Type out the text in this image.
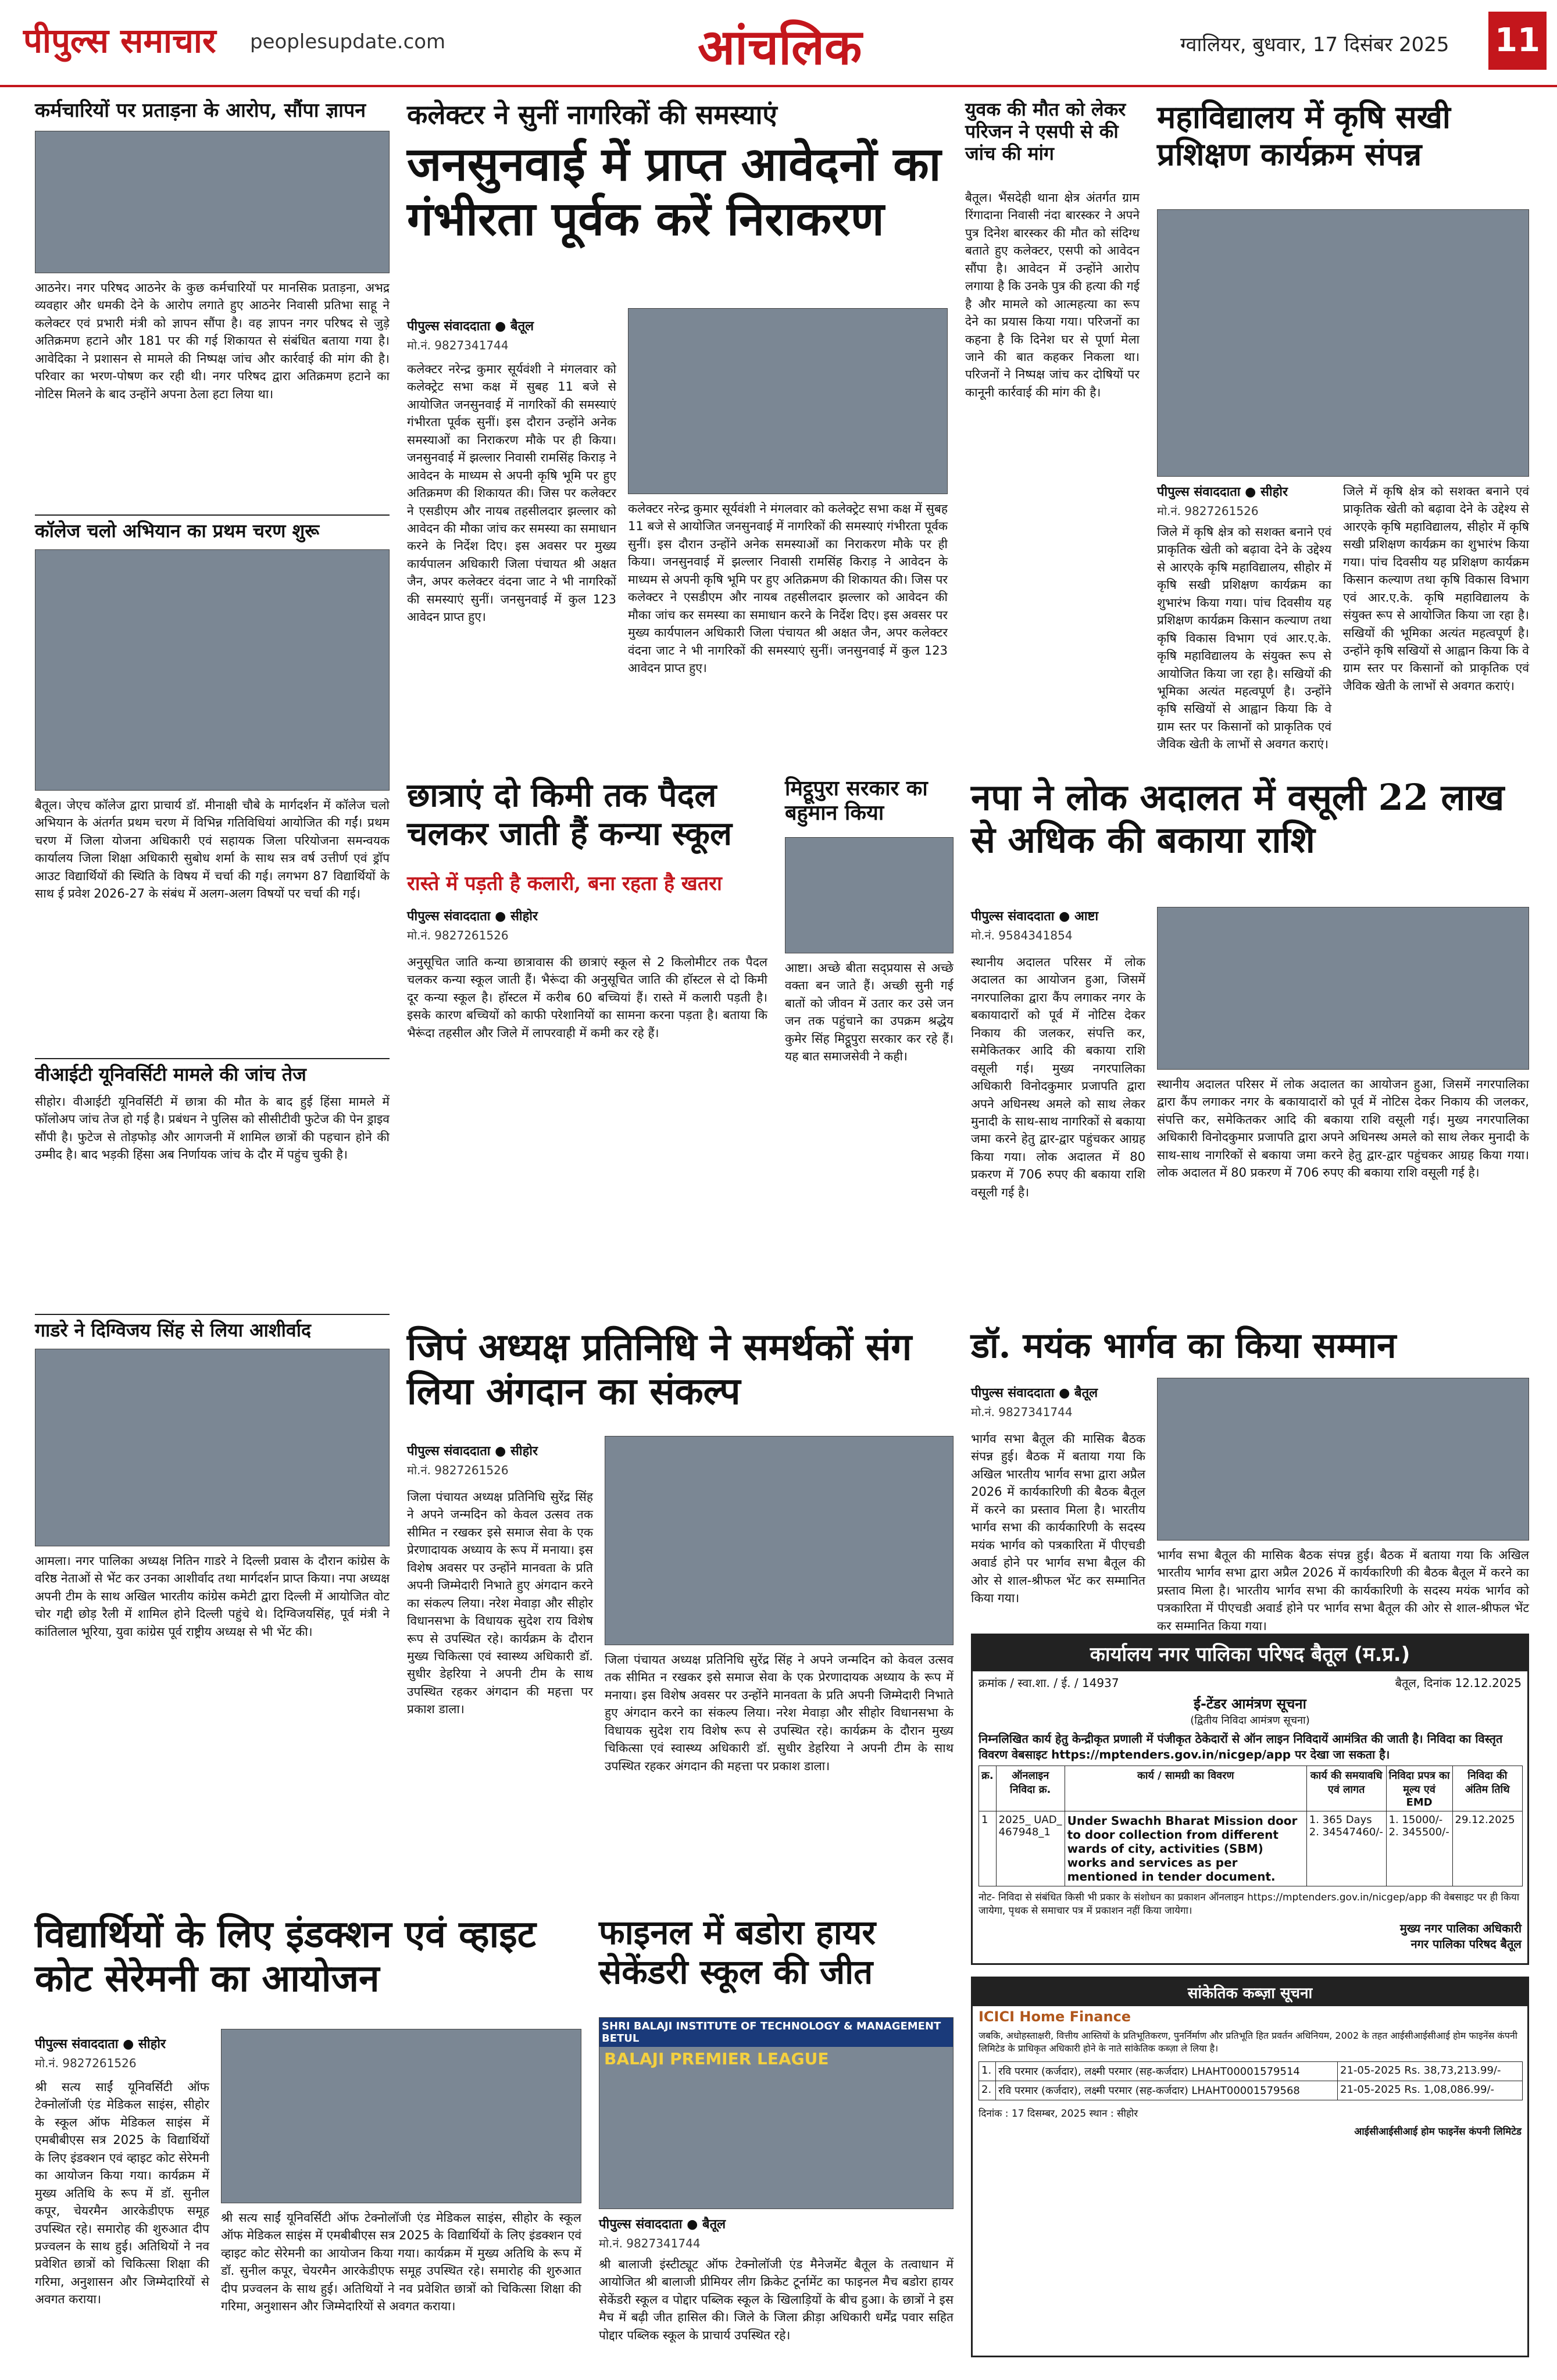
पीपुल्स समाचार peoplesupdate.com	आंचलिक	ग्वालियर, बुधवार, 17 दिसंबर 2025 11
कर्मचारियों पर प्रताड़ना के आरोप, सौंपा ज्ञापन
आठनेर। नगर परिषद आठनेर के कुछ कर्मचारियों पर मानसिक प्रताड़ना, अभद्र व्यवहार और धमकी देने के आरोप लगाते हुए आठनेर निवासी प्रतिभा साहू ने कलेक्टर एवं प्रभारी मंत्री को ज्ञापन सौंपा है। वह ज्ञापन नगर परिषद से जुड़े अतिक्रमण हटाने और 181 पर की गई शिकायत से संबंधित बताया गया है। आवेदिका ने प्रशासन से मामले की निष्पक्ष जांच और कार्रवाई की मांग की है। परिवार का भरण-पोषण कर रही थी। नगर परिषद द्वारा अतिक्रमण हटाने का नोटिस मिलने के बाद उन्होंने अपना ठेला हटा लिया था।
कॉलेज चलो अभियान का प्रथम चरण शुरू
बैतूल। जेएच कॉलेज द्वारा प्राचार्य डॉ. मीनाक्षी चौबे के मार्गदर्शन में कॉलेज चलो अभियान के अंतर्गत प्रथम चरण में विभिन्न गतिविधियां आयोजित की गईं। प्रथम चरण में जिला योजना अधिकारी एवं सहायक जिला परियोजना समन्वयक कार्यालय जिला शिक्षा अधिकारी सुबोध शर्मा के साथ सत्र वर्ष उत्तीर्ण एवं ड्रॉप आउट विद्यार्थियों की स्थिति के विषय में चर्चा की गई। लगभग 87 विद्यार्थियों के साथ ई प्रवेश 2026-27 के संबंध में अलग-अलग विषयों पर चर्चा की गई।
वीआईटी यूनिवर्सिटी मामले की जांच तेज
सीहोर। वीआईटी यूनिवर्सिटी में छात्रा की मौत के बाद हुई हिंसा मामले में फॉलोअप जांच तेज हो गई है। प्रबंधन ने पुलिस को सीसीटीवी फुटेज की पेन ड्राइव सौंपी है। फुटेज से तोड़फोड़ और आगजनी में शामिल छात्रों की पहचान होने की उम्मीद है। बाद भड़की हिंसा अब निर्णायक जांच के दौर में पहुंच चुकी है।
गाडरे ने दिग्विजय सिंह से लिया आशीर्वाद
आमला। नगर पालिका अध्यक्ष नितिन गाडरे ने दिल्ली प्रवास के दौरान कांग्रेस के वरिष्ठ नेताओं से भेंट कर उनका आशीर्वाद तथा मार्गदर्शन प्राप्त किया। नपा अध्यक्ष अपनी टीम के साथ अखिल भारतीय कांग्रेस कमेटी द्वारा दिल्ली में आयोजित वोट चोर गद्दी छोड़ रैली में शामिल होने दिल्ली पहुंचे थे। दिग्विजयसिंह, पूर्व मंत्री ने कांतिलाल भूरिया, युवा कांग्रेस पूर्व राष्ट्रीय अध्यक्ष से भी भेंट की।
कलेक्टर ने सुनीं नागरिकों की समस्याएं
जनसुनवाई में प्राप्त आवेदनों का गंभीरता पूर्वक करें निराकरण
पीपुल्स संवाददाता ● बैतूल
मो.नं. 9827341744
कलेक्टर नरेन्द्र कुमार सूर्यवंशी ने मंगलवार को कलेक्ट्रेट सभा कक्ष में सुबह 11 बजे से आयोजित जनसुनवाई में नागरिकों की समस्याएं गंभीरता पूर्वक सुनीं। इस दौरान उन्होंने अनेक समस्याओं का निराकरण मौके पर ही किया। जनसुनवाई में झल्लार निवासी रामसिंह किराड़ ने आवेदन के माध्यम से अपनी कृषि भूमि पर हुए अतिक्रमण की शिकायत की। जिस पर कलेक्टर ने एसडीएम और नायब तहसीलदार झल्लार को आवेदन की मौका जांच कर समस्या का समाधान करने के निर्देश दिए। इस अवसर पर मुख्य कार्यपालन अधिकारी जिला पंचायत श्री अक्षत जैन, अपर कलेक्टर वंदना जाट ने भी नागरिकों की समस्याएं सुनीं। जनसुनवाई में कुल 123 आवेदन प्राप्त हुए।
कलेक्टर नरेन्द्र कुमार सूर्यवंशी ने मंगलवार को कलेक्ट्रेट सभा कक्ष में सुबह 11 बजे से आयोजित जनसुनवाई में नागरिकों की समस्याएं गंभीरता पूर्वक सुनीं। इस दौरान उन्होंने अनेक समस्याओं का निराकरण मौके पर ही किया। जनसुनवाई में झल्लार निवासी रामसिंह किराड़ ने आवेदन के माध्यम से अपनी कृषि भूमि पर हुए अतिक्रमण की शिकायत की। जिस पर कलेक्टर ने एसडीएम और नायब तहसीलदार झल्लार को आवेदन की मौका जांच कर समस्या का समाधान करने के निर्देश दिए। इस अवसर पर मुख्य कार्यपालन अधिकारी जिला पंचायत श्री अक्षत जैन, अपर कलेक्टर वंदना जाट ने भी नागरिकों की समस्याएं सुनीं। जनसुनवाई में कुल 123 आवेदन प्राप्त हुए।
युवक की मौत को लेकर परिजन ने एसपी से की जांच की मांग
बैतूल। भैंसदेही थाना क्षेत्र अंतर्गत ग्राम रिंगादाना निवासी नंदा बारस्कर ने अपने पुत्र दिनेश बारस्कर की मौत को संदिग्ध बताते हुए कलेक्टर, एसपी को आवेदन सौंपा है। आवेदन में उन्होंने आरोप लगाया है कि उनके पुत्र की हत्या की गई है और मामले को आत्महत्या का रूप देने का प्रयास किया गया। परिजनों का कहना है कि दिनेश घर से पूर्णा मेला जाने की बात कहकर निकला था। परिजनों ने निष्पक्ष जांच कर दोषियों पर कानूनी कार्रवाई की मांग की है।
महाविद्यालय में कृषि सखी प्रशिक्षण कार्यक्रम संपन्न
पीपुल्स संवाददाता ● सीहोर
मो.नं. 9827261526
जिले में कृषि क्षेत्र को सशक्त बनाने एवं प्राकृतिक खेती को बढ़ावा देने के उद्देश्य से आरएके कृषि महाविद्यालय, सीहोर में कृषि सखी प्रशिक्षण कार्यक्रम का शुभारंभ किया गया। पांच दिवसीय यह प्रशिक्षण कार्यक्रम किसान कल्याण तथा कृषि विकास विभाग एवं आर.ए.के. कृषि महाविद्यालय के संयुक्त रूप से आयोजित किया जा रहा है। सखियों की भूमिका अत्यंत महत्वपूर्ण है। उन्होंने कृषि सखियों से आह्वान किया कि वे ग्राम स्तर पर किसानों को प्राकृतिक एवं जैविक खेती के लाभों से अवगत कराएं।
जिले में कृषि क्षेत्र को सशक्त बनाने एवं प्राकृतिक खेती को बढ़ावा देने के उद्देश्य से आरएके कृषि महाविद्यालय, सीहोर में कृषि सखी प्रशिक्षण कार्यक्रम का शुभारंभ किया गया। पांच दिवसीय यह प्रशिक्षण कार्यक्रम किसान कल्याण तथा कृषि विकास विभाग एवं आर.ए.के. कृषि महाविद्यालय के संयुक्त रूप से आयोजित किया जा रहा है। सखियों की भूमिका अत्यंत महत्वपूर्ण है। उन्होंने कृषि सखियों से आह्वान किया कि वे ग्राम स्तर पर किसानों को प्राकृतिक एवं जैविक खेती के लाभों से अवगत कराएं।
छात्राएं दो किमी तक पैदल चलकर जाती हैं कन्या स्कूल
रास्ते में पड़ती है कलारी, बना रहता है खतरा
पीपुल्स संवाददाता ● सीहोर
मो.नं. 9827261526
अनुसूचित जाति कन्या छात्रावास की छात्राएं स्कूल से 2 किलोमीटर तक पैदल चलकर कन्या स्कूल जाती हैं। भैरूंदा की अनुसूचित जाति की हॉस्टल से दो किमी दूर कन्या स्कूल है। हॉस्टल में करीब 60 बच्चियां हैं। रास्ते में कलारी पड़ती है। इसके कारण बच्चियों को काफी परेशानियों का सामना करना पड़ता है। बताया कि भैरूंदा तहसील और जिले में लापरवाही में कमी कर रहे हैं।
मिट्ठूपुरा सरकार का बहुमान किया
आष्टा। अच्छे बीता सद्प्रयास से अच्छे वक्ता बन जाते हैं। अच्छी सुनी गई बातों को जीवन में उतार कर उसे जन जन तक पहुंचाने का उपक्रम श्रद्धेय कुमेर सिंह मिट्ठूपुरा सरकार कर रहे हैं। यह बात समाजसेवी ने कही।
नपा ने लोक अदालत में वसूली 22 लाख से अधिक की बकाया राशि
पीपुल्स संवाददाता ● आष्टा
मो.नं. 9584341854
स्थानीय अदालत परिसर में लोक अदालत का आयोजन हुआ, जिसमें नगरपालिका द्वारा कैंप लगाकर नगर के बकायादारों को पूर्व में नोटिस देकर निकाय की जलकर, संपत्ति कर, समेकितकर आदि की बकाया राशि वसूली गई। मुख्य नगरपालिका अधिकारी विनोदकुमार प्रजापति द्वारा अपने अधिनस्थ अमले को साथ लेकर मुनादी के साथ-साथ नागरिकों से बकाया जमा करने हेतु द्वार-द्वार पहुंचकर आग्रह किया गया। लोक अदालत में 80 प्रकरण में 706 रुपए की बकाया राशि वसूली गई है।
स्थानीय अदालत परिसर में लोक अदालत का आयोजन हुआ, जिसमें नगरपालिका द्वारा कैंप लगाकर नगर के बकायादारों को पूर्व में नोटिस देकर निकाय की जलकर, संपत्ति कर, समेकितकर आदि की बकाया राशि वसूली गई। मुख्य नगरपालिका अधिकारी विनोदकुमार प्रजापति द्वारा अपने अधिनस्थ अमले को साथ लेकर मुनादी के साथ-साथ नागरिकों से बकाया जमा करने हेतु द्वार-द्वार पहुंचकर आग्रह किया गया। लोक अदालत में 80 प्रकरण में 706 रुपए की बकाया राशि वसूली गई है।
जिपं अध्यक्ष प्रतिनिधि ने समर्थकों संग लिया अंगदान का संकल्प
पीपुल्स संवाददाता ● सीहोर
मो.नं. 9827261526
जिला पंचायत अध्यक्ष प्रतिनिधि सुरेंद्र सिंह ने अपने जन्मदिन को केवल उत्सव तक सीमित न रखकर इसे समाज सेवा के एक प्रेरणादायक अध्याय के रूप में मनाया। इस विशेष अवसर पर उन्होंने मानवता के प्रति अपनी जिम्मेदारी निभाते हुए अंगदान करने का संकल्प लिया। नरेश मेवाड़ा और सीहोर विधानसभा के विधायक सुदेश राय विशेष रूप से उपस्थित रहे। कार्यक्रम के दौरान मुख्य चिकित्सा एवं स्वास्थ्य अधिकारी डॉ. सुधीर डेहरिया ने अपनी टीम के साथ उपस्थित रहकर अंगदान की महत्ता पर प्रकाश डाला।
जिला पंचायत अध्यक्ष प्रतिनिधि सुरेंद्र सिंह ने अपने जन्मदिन को केवल उत्सव तक सीमित न रखकर इसे समाज सेवा के एक प्रेरणादायक अध्याय के रूप में मनाया। इस विशेष अवसर पर उन्होंने मानवता के प्रति अपनी जिम्मेदारी निभाते हुए अंगदान करने का संकल्प लिया। नरेश मेवाड़ा और सीहोर विधानसभा के विधायक सुदेश राय विशेष रूप से उपस्थित रहे। कार्यक्रम के दौरान मुख्य चिकित्सा एवं स्वास्थ्य अधिकारी डॉ. सुधीर डेहरिया ने अपनी टीम के साथ उपस्थित रहकर अंगदान की महत्ता पर प्रकाश डाला।
डॉ. मयंक भार्गव का किया सम्मान
पीपुल्स संवाददाता ● बैतूल
मो.नं. 9827341744
भार्गव सभा बैतूल की मासिक बैठक संपन्न हुई। बैठक में बताया गया कि अखिल भारतीय भार्गव सभा द्वारा अप्रैल 2026 में कार्यकारिणी की बैठक बैतूल में करने का प्रस्ताव मिला है। भारतीय भार्गव सभा की कार्यकारिणी के सदस्य मयंक भार्गव को पत्रकारिता में पीएचडी अवार्ड होने पर भार्गव सभा बैतूल की ओर से शाल-श्रीफल भेंट कर सम्मानित किया गया।
भार्गव सभा बैतूल की मासिक बैठक संपन्न हुई। बैठक में बताया गया कि अखिल भारतीय भार्गव सभा द्वारा अप्रैल 2026 में कार्यकारिणी की बैठक बैतूल में करने का प्रस्ताव मिला है। भारतीय भार्गव सभा की कार्यकारिणी के सदस्य मयंक भार्गव को पत्रकारिता में पीएचडी अवार्ड होने पर भार्गव सभा बैतूल की ओर से शाल-श्रीफल भेंट कर सम्मानित किया गया।
कार्यालय नगर पालिका परिषद बैतूल (म.प्र.)
क्रमांक / स्वा.शा. / ई. / 14937	बैतूल, दिनांक 12.12.2025
ई-टेंडर आमंत्रण सूचना
(द्वितीय निविदा आमंत्रण सूचना)
निम्नलिखित कार्य हेतु केन्द्रीकृत प्रणाली में पंजीकृत ठेकेदारों से ऑन लाइन निविदायें आमंत्रित की जाती है। निविदा का विस्तृत विवरण वेबसाइट https://mptenders.gov.in/nicgep/app पर देखा जा सकता है।
क्र.	ऑनलाइन निविदा क्र.	कार्य / सामग्री का विवरण	कार्य की समयावधि एवं लागत	निविदा प्रपत्र का मूल्य एवं EMD	निविदा की अंतिम तिथि
1	2025_ UAD_ 467948_1	Under Swachh Bharat Mission door to door collection from different wards of city, activities (SBM) works and services as per mentioned in tender document.	1. 365 Days 2. 34547460/-	1. 15000/- 2. 345500/-	29.12.2025
नोट- निविदा से संबंधित किसी भी प्रकार के संशोधन का प्रकाशन ऑनलाइन https://mptenders.gov.in/nicgep/app की वेबसाइट पर ही किया जायेगा, पृथक से समाचार पत्र में प्रकाशन नहीं किया जायेगा।
मुख्य नगर पालिका अधिकारी
नगर पालिका परिषद बैतूल
विद्यार्थियों के लिए इंडक्शन एवं व्हाइट कोट सेरेमनी का आयोजन
पीपुल्स संवाददाता ● सीहोर
मो.नं. 9827261526
श्री सत्य साईं यूनिवर्सिटी ऑफ टेक्नोलॉजी एंड मेडिकल साइंस, सीहोर के स्कूल ऑफ मेडिकल साइंस में एमबीबीएस सत्र 2025 के विद्यार्थियों के लिए इंडक्शन एवं व्हाइट कोट सेरेमनी का आयोजन किया गया। कार्यक्रम में मुख्य अतिथि के रूप में डॉ. सुनील कपूर, चेयरमैन आरकेडीएफ समूह उपस्थित रहे। समारोह की शुरुआत दीप प्रज्वलन के साथ हुई। अतिथियों ने नव प्रवेशित छात्रों को चिकित्सा शिक्षा की गरिमा, अनुशासन और जिम्मेदारियों से अवगत कराया।
श्री सत्य साईं यूनिवर्सिटी ऑफ टेक्नोलॉजी एंड मेडिकल साइंस, सीहोर के स्कूल ऑफ मेडिकल साइंस में एमबीबीएस सत्र 2025 के विद्यार्थियों के लिए इंडक्शन एवं व्हाइट कोट सेरेमनी का आयोजन किया गया। कार्यक्रम में मुख्य अतिथि के रूप में डॉ. सुनील कपूर, चेयरमैन आरकेडीएफ समूह उपस्थित रहे। समारोह की शुरुआत दीप प्रज्वलन के साथ हुई। अतिथियों ने नव प्रवेशित छात्रों को चिकित्सा शिक्षा की गरिमा, अनुशासन और जिम्मेदारियों से अवगत कराया।
फाइनल में बडोरा हायर सेकेंडरी स्कूल की जीत
SHRI BALAJI INSTITUTE OF TECHNOLOGY & MANAGEMENT BETUL
BALAJI PREMIER LEAGUE
पीपुल्स संवाददाता ● बैतूल
मो.नं. 9827341744
श्री बालाजी इंस्टीट्यूट ऑफ टेक्नोलॉजी एंड मैनेजमेंट बैतूल के तत्वाधान में आयोजित श्री बालाजी प्रीमियर लीग क्रिकेट टूर्नामेंट का फाइनल मैच बडोरा हायर सेकेंडरी स्कूल व पोद्दार पब्लिक स्कूल के खिलाड़ियों के बीच हुआ। के छात्रों ने इस मैच में बढ़ी जीत हासिल की। जिले के जिला क्रीड़ा अधिकारी धर्मेंद्र पवार सहित पोद्दार पब्लिक स्कूल के प्राचार्य उपस्थित रहे।
सांकेतिक कब्ज़ा सूचना
ICICI Home Finance
जबकि, अधोहस्ताक्षरी, वित्तीय आस्तियों के प्रतिभूतिकरण, पुनर्निर्माण और प्रतिभूति हित प्रवर्तन अधिनियम, 2002 के तहत आईसीआईसीआई होम फाइनेंस कंपनी लिमिटेड के प्राधिकृत अधिकारी होने के नाते सांकेतिक कब्ज़ा ले लिया है।
1.	रवि परमार (कर्जदार), लक्ष्मी परमार (सह-कर्जदार) LHAHT00001579514	21-05-2025 Rs. 38,73,213.99/-
2.	रवि परमार (कर्जदार), लक्ष्मी परमार (सह-कर्जदार) LHAHT00001579568	21-05-2025 Rs. 1,08,086.99/-
दिनांक : 17 दिसम्बर, 2025 स्थान : सीहोर
आईसीआईसीआई होम फाइनेंस कंपनी लिमिटेड
